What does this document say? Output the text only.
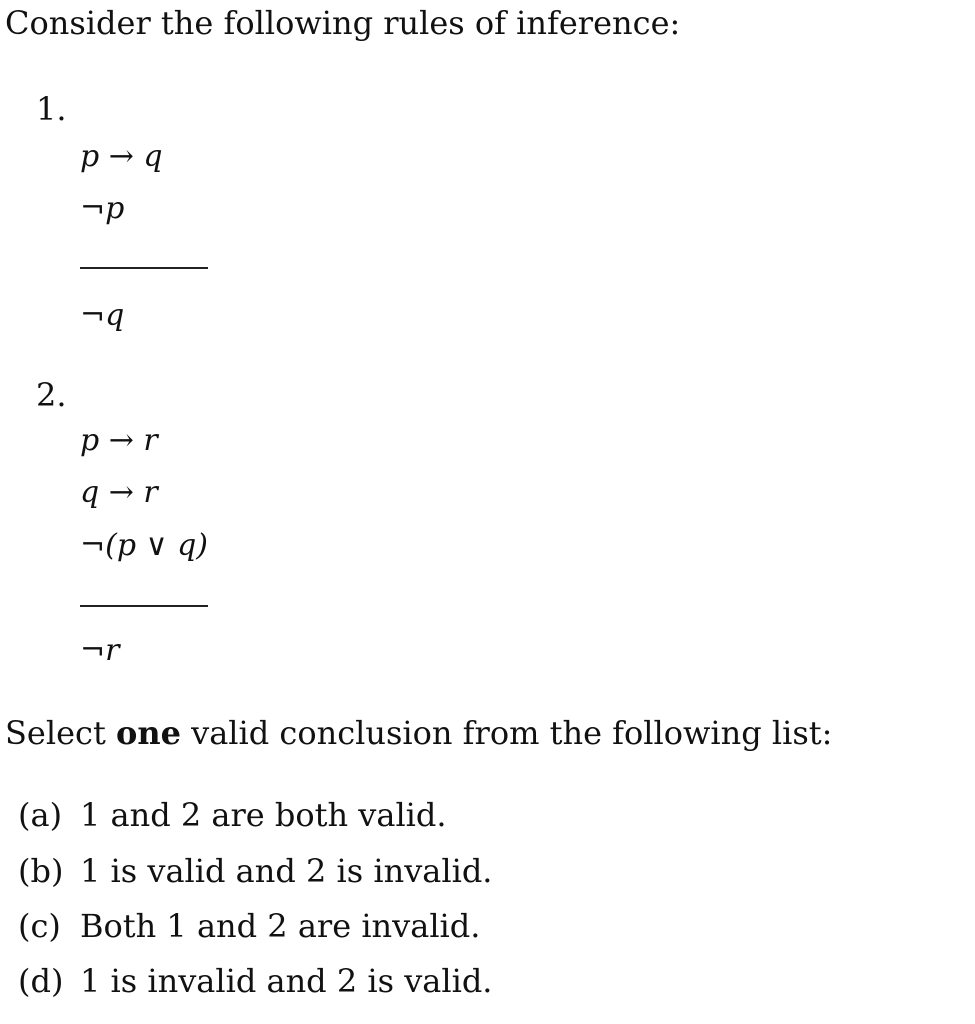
Consider the following rules of inference:
1.
p → q
¬p
¬q
2.
p → r
q → r
¬(p ∨ q)
¬r
Select one valid conclusion from the following list:
(a) 1 and 2 are both valid.
(b) 1 is valid and 2 is invalid.
(c) Both 1 and 2 are invalid.
(d) 1 is invalid and 2 is valid.
